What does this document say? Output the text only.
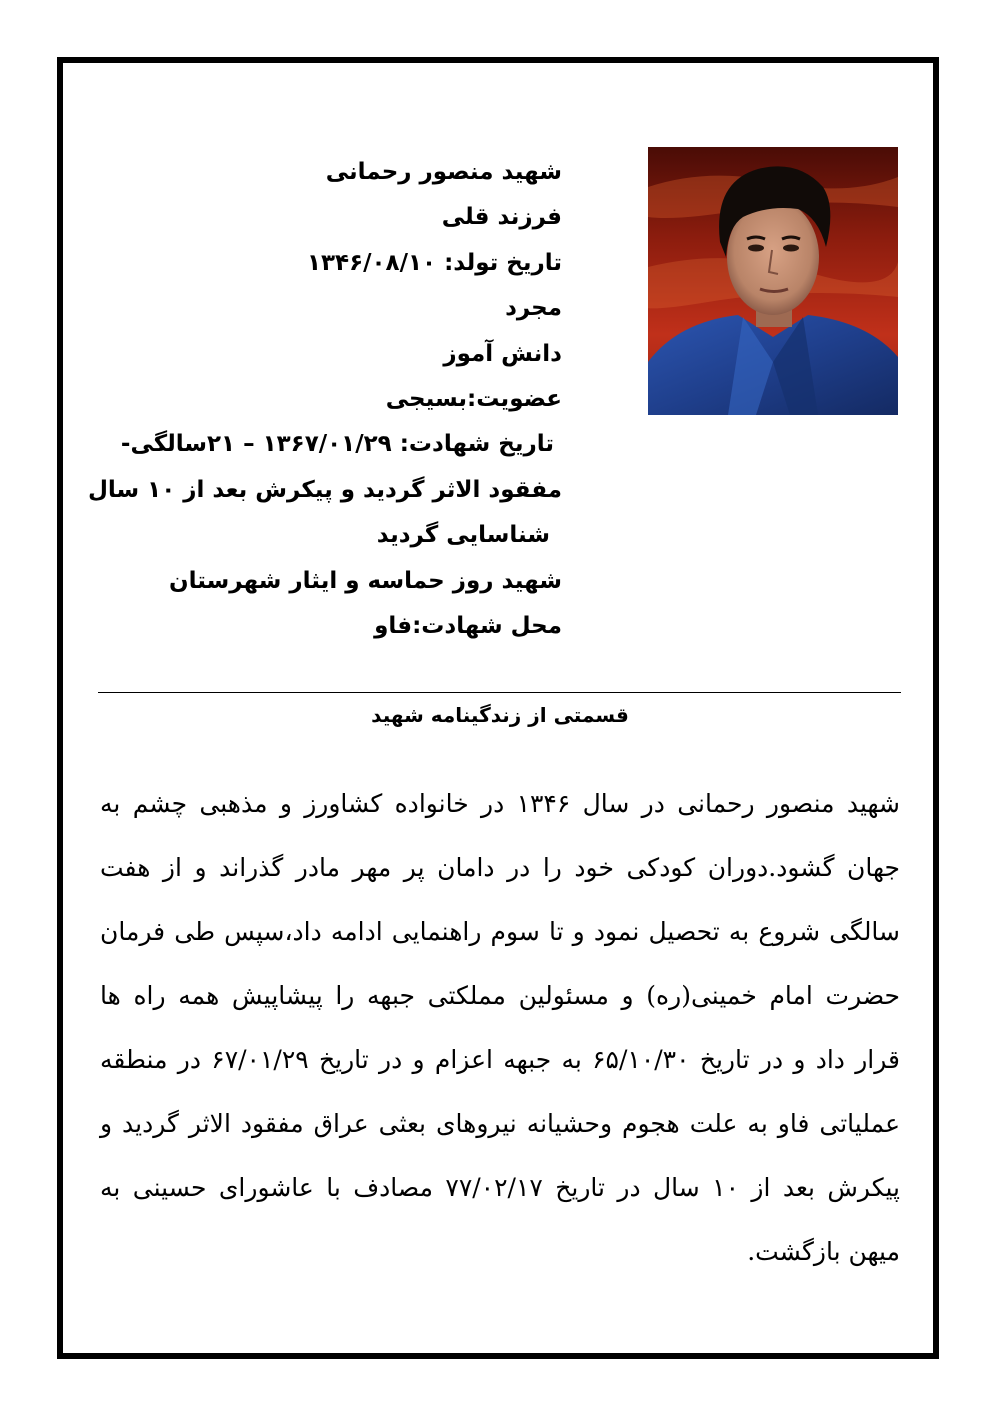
شهید منصور رحمانی
فرزند قلی
تاریخ تولد: ۱۳۴۶/۰۸/۱۰
مجرد
دانش آموز
عضویت:بسیجی
تاریخ شهادت: ۱۳۶۷/۰۱/۲۹ – ۲۱سالگی-
مفقود الاثر گردید و پیکرش بعد از ۱۰ سال
شناسایی گردید
شهید روز حماسه و ایثار شهرستان
محل شهادت:فاو
قسمتی از زندگینامه شهید
شهید منصور رحمانی در سال ۱۳۴۶ در خانواده کشاورز و مذهبی چشم به جهان گشود.دوران کودکی خود را در دامان پر مهر مادر گذراند و از هفت سالگی شروع به تحصیل نمود و تا سوم راهنمایی ادامه داد،سپس طی فرمان حضرت امام خمینی(ره) و مسئولین مملکتی جبهه را پیشاپیش همه راه ها قرار داد و در تاریخ ۶۵/۱۰/۳۰ به جبهه اعزام و در تاریخ ۶۷/۰۱/۲۹ در منطقه عملیاتی فاو به علت هجوم وحشیانه نیروهای بعثی عراق مفقود الاثر گردید و پیکرش بعد از ۱۰ سال در تاریخ ۷۷/۰۲/۱۷ مصادف با عاشورای حسینی به میهن بازگشت.
